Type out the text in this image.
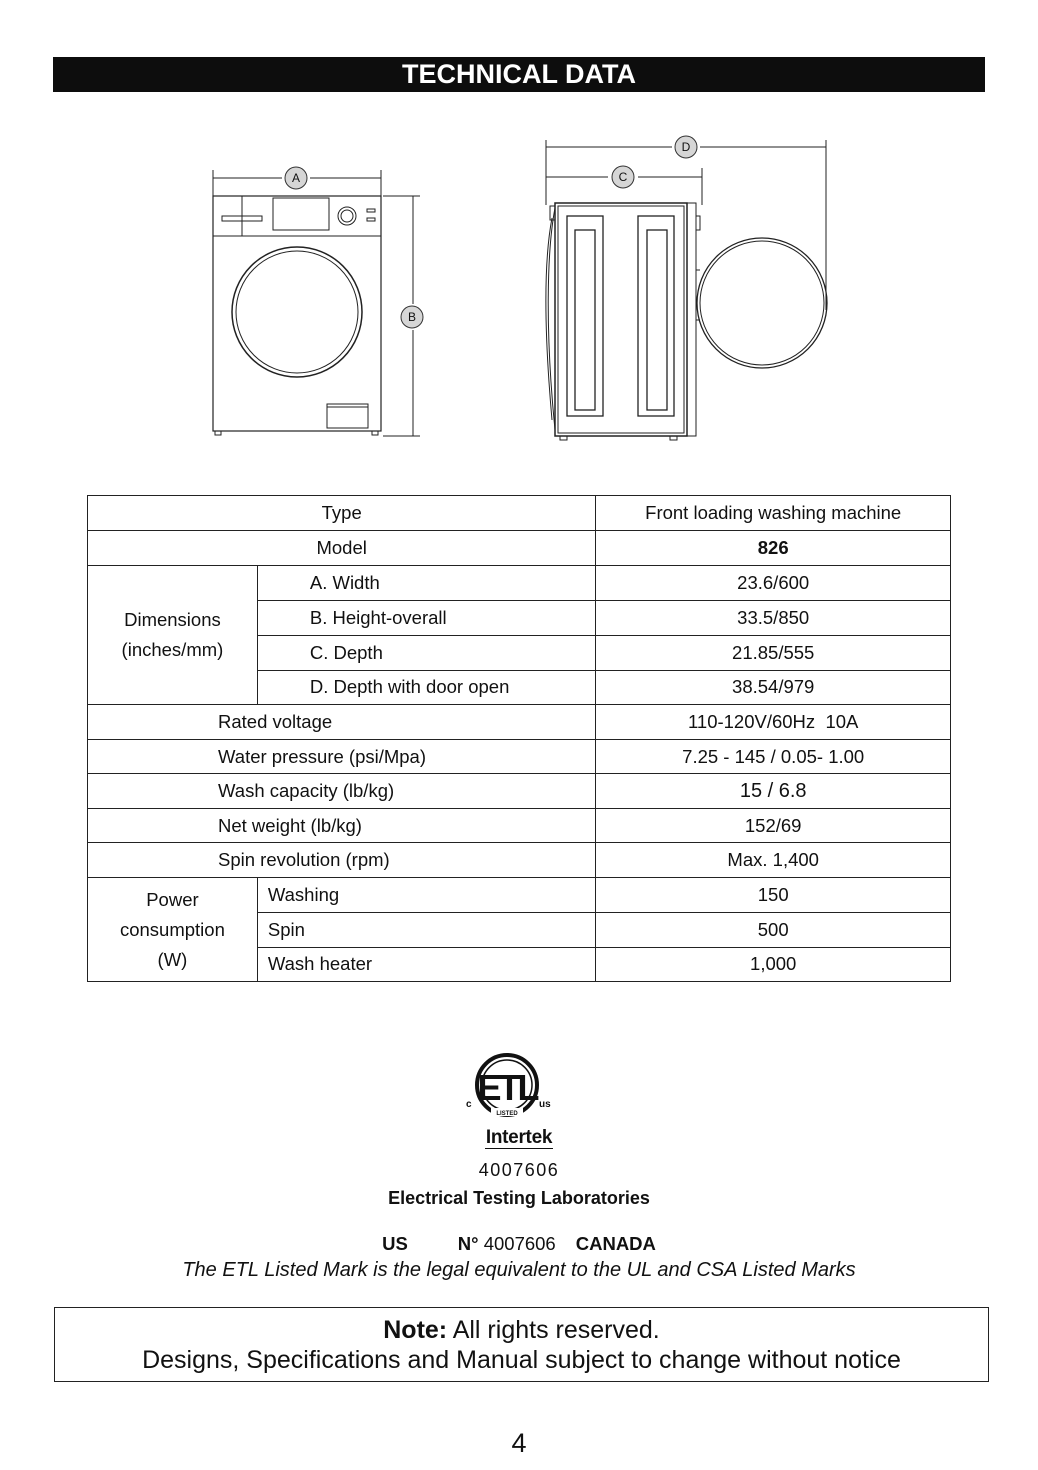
TECHNICAL DATA
A
B
D
C
Type		Front loading washing machine
Model		826

Dimensions
(inches/mm)	A. Width	23.6/600
	B. Height-overall	33.5/850
	C. Depth	21.85/555
	D. Depth with door open	38.54/979
Rated voltage		110-120V/60Hz  10A
Water pressure (psi/Mpa)		7.25 - 145 / 0.05- 1.00
Wash capacity (lb/kg)		15 / 6.8
Net weight (lb/kg)		152/69
Spin revolution (rpm)		Max. 1,400

Power
consumption
(W)	Washing	150
	Spin	500
	Wash heater	1,000
ETL
LISTED
c	us
Intertek
4007606
Electrical Testing Laboratories
US	N° 4007606 CANADA
The ETL Listed Mark is the legal equivalent to the UL and CSA Listed Marks
Note: All rights reserved.
Designs, Specifications and Manual subject to change without notice
4
